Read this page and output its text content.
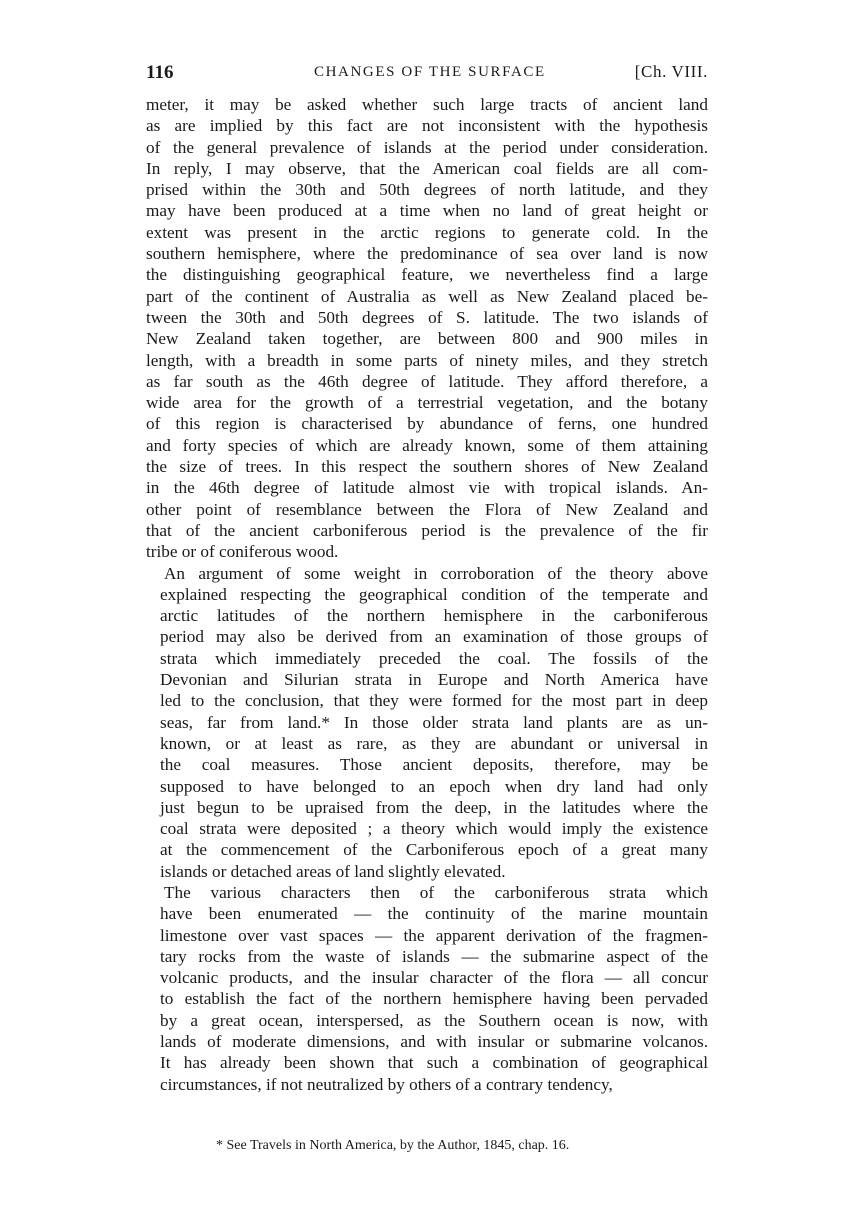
116	CHANGES OF THE SURFACE	[Ch. VIII.
meter, it may be asked whether such large tracts of ancient land
as are implied by this fact are not inconsistent with the hypothesis
of the general prevalence of islands at the period under consideration.
In reply, I may observe, that the American coal fields are all com-
prised within the 30th and 50th degrees of north latitude, and they
may have been produced at a time when no land of great height or
extent was present in the arctic regions to generate cold. In the
southern hemisphere, where the predominance of sea over land is now
the distinguishing geographical feature, we nevertheless find a large
part of the continent of Australia as well as New Zealand placed be-
tween the 30th and 50th degrees of S. latitude. The two islands of
New Zealand taken together, are between 800 and 900 miles in
length, with a breadth in some parts of ninety miles, and they stretch
as far south as the 46th degree of latitude. They afford therefore, a
wide area for the growth of a terrestrial vegetation, and the botany
of this region is characterised by abundance of ferns, one hundred
and forty species of which are already known, some of them attaining
the size of trees. In this respect the southern shores of New Zealand
in the 46th degree of latitude almost vie with tropical islands. An-
other point of resemblance between the Flora of New Zealand and
that of the ancient carboniferous period is the prevalence of the fir
tribe or of coniferous wood.
An argument of some weight in corroboration of the theory above
explained respecting the geographical condition of the temperate and
arctic latitudes of the northern hemisphere in the carboniferous
period may also be derived from an examination of those groups of
strata which immediately preceded the coal. The fossils of the
Devonian and Silurian strata in Europe and North America have
led to the conclusion, that they were formed for the most part in deep
seas, far from land.* In those older strata land plants are as un-
known, or at least as rare, as they are abundant or universal in
the coal measures. Those ancient deposits, therefore, may be
supposed to have belonged to an epoch when dry land had only
just begun to be upraised from the deep, in the latitudes where the
coal strata were deposited ; a theory which would imply the existence
at the commencement of the Carboniferous epoch of a great many
islands or detached areas of land slightly elevated.
The various characters then of the carboniferous strata which
have been enumerated — the continuity of the marine mountain
limestone over vast spaces — the apparent derivation of the fragmen-
tary rocks from the waste of islands — the submarine aspect of the
volcanic products, and the insular character of the flora — all concur
to establish the fact of the northern hemisphere having been pervaded
by a great ocean, interspersed, as the Southern ocean is now, with
lands of moderate dimensions, and with insular or submarine volcanos.
It has already been shown that such a combination of geographical
circumstances, if not neutralized by others of a contrary tendency,
* See Travels in North America, by the Author, 1845, chap. 16.
